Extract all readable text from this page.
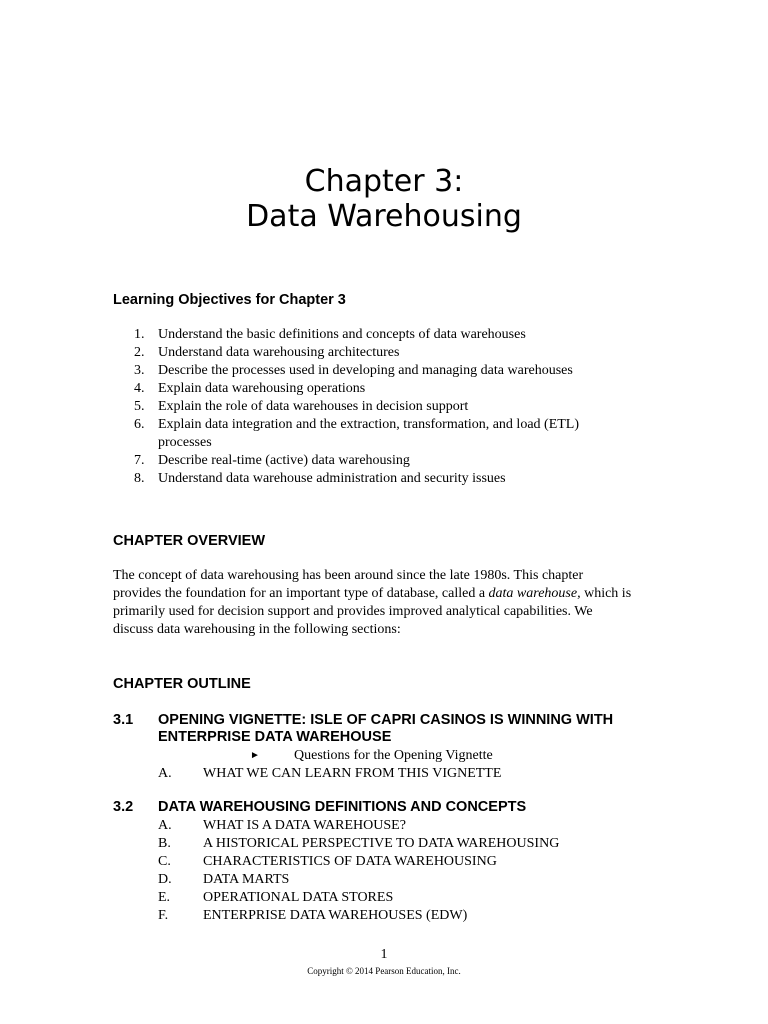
Chapter 3:
Data Warehousing
Learning Objectives for Chapter 3
1. Understand the basic definitions and concepts of data warehouses
2. Understand data warehousing architectures
3. Describe the processes used in developing and managing data warehouses
4. Explain data warehousing operations
5. Explain the role of data warehouses in decision support
6. Explain data integration and the extraction, transformation, and load (ETL) processes
7. Describe real-time (active) data warehousing
8. Understand data warehouse administration and security issues
CHAPTER OVERVIEW
The concept of data warehousing has been around since the late 1980s. This chapter provides the foundation for an important type of database, called a data warehouse, which is primarily used for decision support and provides improved analytical capabilities. We discuss data warehousing in the following sections:
CHAPTER OUTLINE
3.1 OPENING VIGNETTE: ISLE OF CAPRI CASINOS IS WINNING WITH
ENTERPRISE DATA WAREHOUSE
► Questions for the Opening Vignette
A. WHAT WE CAN LEARN FROM THIS VIGNETTE
3.2 DATA WAREHOUSING DEFINITIONS AND CONCEPTS
A. WHAT IS A DATA WAREHOUSE?
B. A HISTORICAL PERSPECTIVE TO DATA WAREHOUSING
C. CHARACTERISTICS OF DATA WAREHOUSING
D. DATA MARTS
E. OPERATIONAL DATA STORES
F. ENTERPRISE DATA WAREHOUSES (EDW)
1
Copyright © 2014 Pearson Education, Inc.
